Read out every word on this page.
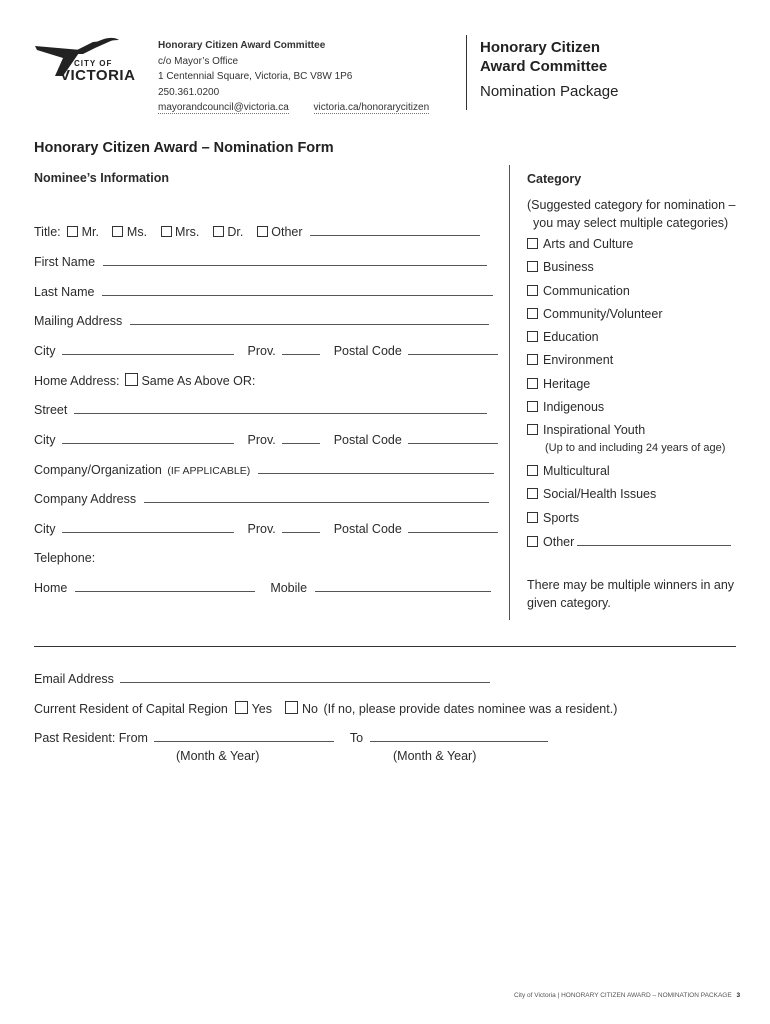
CITY OF
VICTORIA
Honorary Citizen Award Committee
c/o Mayor’s Office
1 Centennial Square, Victoria, BC V8W 1P6
250.361.0200
mayorandcouncil@victoria.ca victoria.ca/honorarycitizen
Honorary Citizen
Award Committee
Nomination Package
Honorary Citizen Award – Nomination Form
Nominee’s Information
Title: Mr. Ms. Mrs. Dr. Other
First Name
Last Name
Mailing Address
City	Prov.	Postal Code
Home Address: Same As Above OR:
Street
City	Prov.	Postal Code
Company/Organization (IF APPLICABLE)
Company Address
City	Prov.	Postal Code
Telephone:
Home	Mobile
Category
(Suggested category for nomination –
you may select multiple categories)
Arts and Culture
Business
Communication
Community/Volunteer
Education
Environment
Heritage
Indigenous
Inspirational Youth
(Up to and including 24 years of age)
Multicultural
Social/Health Issues
Sports
Other
There may be multiple winners in any
given category.
Email Address
Current Resident of Capital Region Yes No (If no, please provide dates nominee was a resident.)
Past Resident: From	To
(Month & Year)	(Month & Year)
City of Victoria | HONORARY CITIZEN AWARD – NOMINATION PACKAGE 3
